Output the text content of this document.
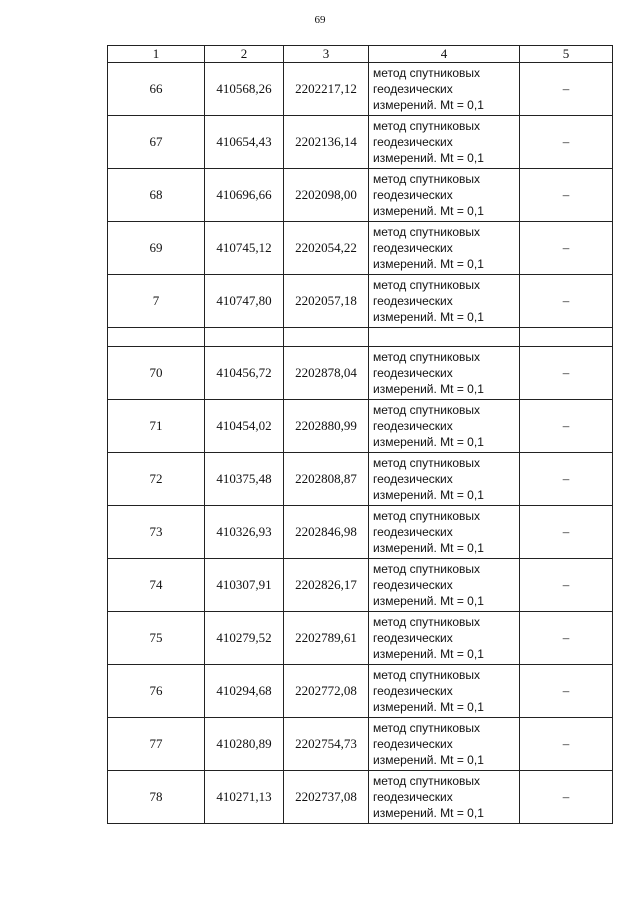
69
1	2	3	4	5
66	410568,26	2202217,12	метод спутниковых
геодезических
измерений. Mt = 0,1	–
67	410654,43	2202136,14	метод спутниковых
геодезических
измерений. Mt = 0,1	–
68	410696,66	2202098,00	метод спутниковых
геодезических
измерений. Mt = 0,1	–
69	410745,12	2202054,22	метод спутниковых
геодезических
измерений. Mt = 0,1	–
7	410747,80	2202057,18	метод спутниковых
геодезических
измерений. Mt = 0,1	–

70	410456,72	2202878,04	метод спутниковых
геодезических
измерений. Mt = 0,1	–
71	410454,02	2202880,99	метод спутниковых
геодезических
измерений. Mt = 0,1	–
72	410375,48	2202808,87	метод спутниковых
геодезических
измерений. Mt = 0,1	–
73	410326,93	2202846,98	метод спутниковых
геодезических
измерений. Mt = 0,1	–
74	410307,91	2202826,17	метод спутниковых
геодезических
измерений. Mt = 0,1	–
75	410279,52	2202789,61	метод спутниковых
геодезических
измерений. Mt = 0,1	–
76	410294,68	2202772,08	метод спутниковых
геодезических
измерений. Mt = 0,1	–
77	410280,89	2202754,73	метод спутниковых
геодезических
измерений. Mt = 0,1	–
78	410271,13	2202737,08	метод спутниковых
геодезических
измерений. Mt = 0,1	–
